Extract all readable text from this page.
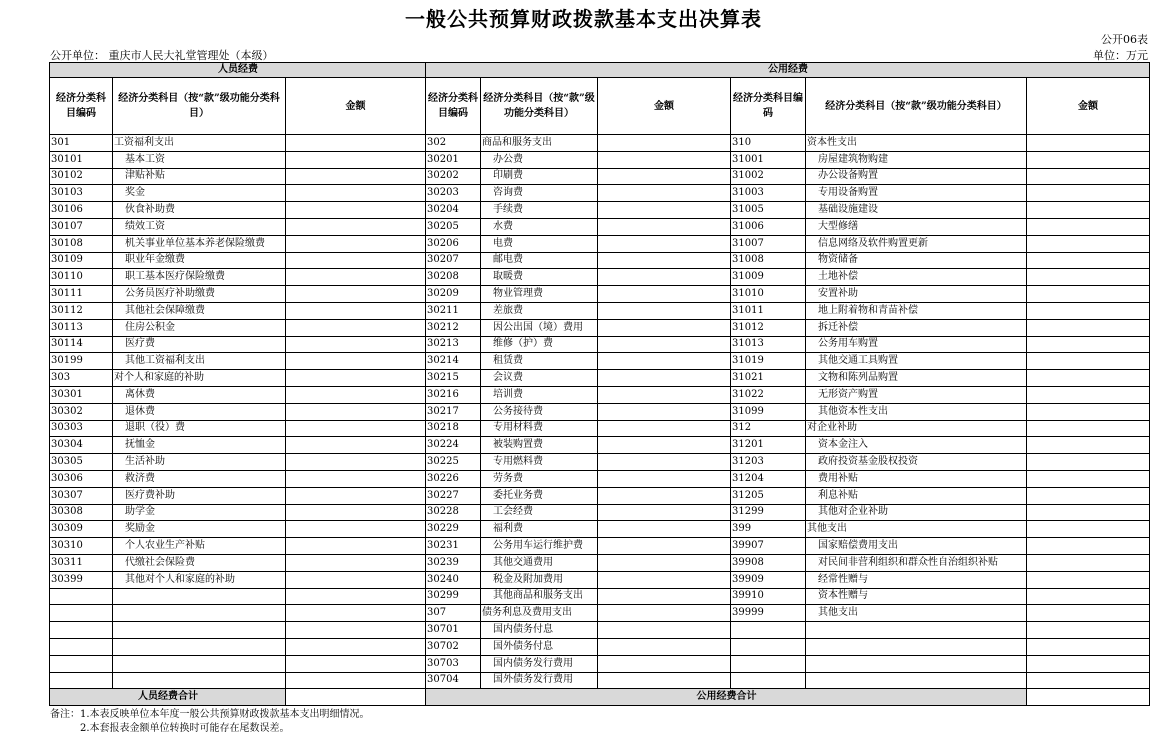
一般公共预算财政拨款基本支出决算表
公开06表
公开单位： 重庆市人民大礼堂管理处（本级）	单位：万元
人员经费			公用经费					
经济分类科目编码	经济分类科目（按“款”级功能分类科目）	金额	经济分类科目编码	经济分类科目（按“款”级功能分类科目）	金额	经济分类科目编码	经济分类科目（按“款”级功能分类科目）	金额
301	工资福利支出		302	商品和服务支出		310	资本性支出	
30101	基本工资		30201	办公费		31001	房屋建筑物购建	
30102	津贴补贴		30202	印刷费		31002	办公设备购置	
30103	奖金		30203	咨询费		31003	专用设备购置	
30106	伙食补助费		30204	手续费		31005	基础设施建设	
30107	绩效工资		30205	水费		31006	大型修缮	
30108	机关事业单位基本养老保险缴费		30206	电费		31007	信息网络及软件购置更新	
30109	职业年金缴费		30207	邮电费		31008	物资储备	
30110	职工基本医疗保险缴费		30208	取暖费		31009	土地补偿	
30111	公务员医疗补助缴费		30209	物业管理费		31010	安置补助	
30112	其他社会保障缴费		30211	差旅费		31011	地上附着物和青苗补偿	
30113	住房公积金		30212	因公出国（境）费用		31012	拆迁补偿	
30114	医疗费		30213	维修（护）费		31013	公务用车购置	
30199	其他工资福利支出		30214	租赁费		31019	其他交通工具购置	
303	对个人和家庭的补助		30215	会议费		31021	文物和陈列品购置	
30301	离休费		30216	培训费		31022	无形资产购置	
30302	退休费		30217	公务接待费		31099	其他资本性支出	
30303	退职（役）费		30218	专用材料费		312	对企业补助	
30304	抚恤金		30224	被装购置费		31201	资本金注入	
30305	生活补助		30225	专用燃料费		31203	政府投资基金股权投资	
30306	救济费		30226	劳务费		31204	费用补贴	
30307	医疗费补助		30227	委托业务费		31205	利息补贴	
30308	助学金		30228	工会经费		31299	其他对企业补助	
30309	奖励金		30229	福利费		399	其他支出	
30310	个人农业生产补贴		30231	公务用车运行维护费		39907	国家赔偿费用支出	
30311	代缴社会保险费		30239	其他交通费用		39908	对民间非营利组织和群众性自治组织补贴	
30399	其他对个人和家庭的补助		30240	税金及附加费用		39909	经常性赠与	
			30299	其他商品和服务支出		39910	资本性赠与	
			307	债务利息及费用支出		39999	其他支出	
			30701	国内债务付息				
			30702	国外债务付息				
			30703	国内债务发行费用				
			30704	国外债务发行费用				
人员经费合计			公用经费合计					
备注：1.本表反映单位本年度一般公共预算财政拨款基本支出明细情况。
2.本套报表金额单位转换时可能存在尾数误差。
